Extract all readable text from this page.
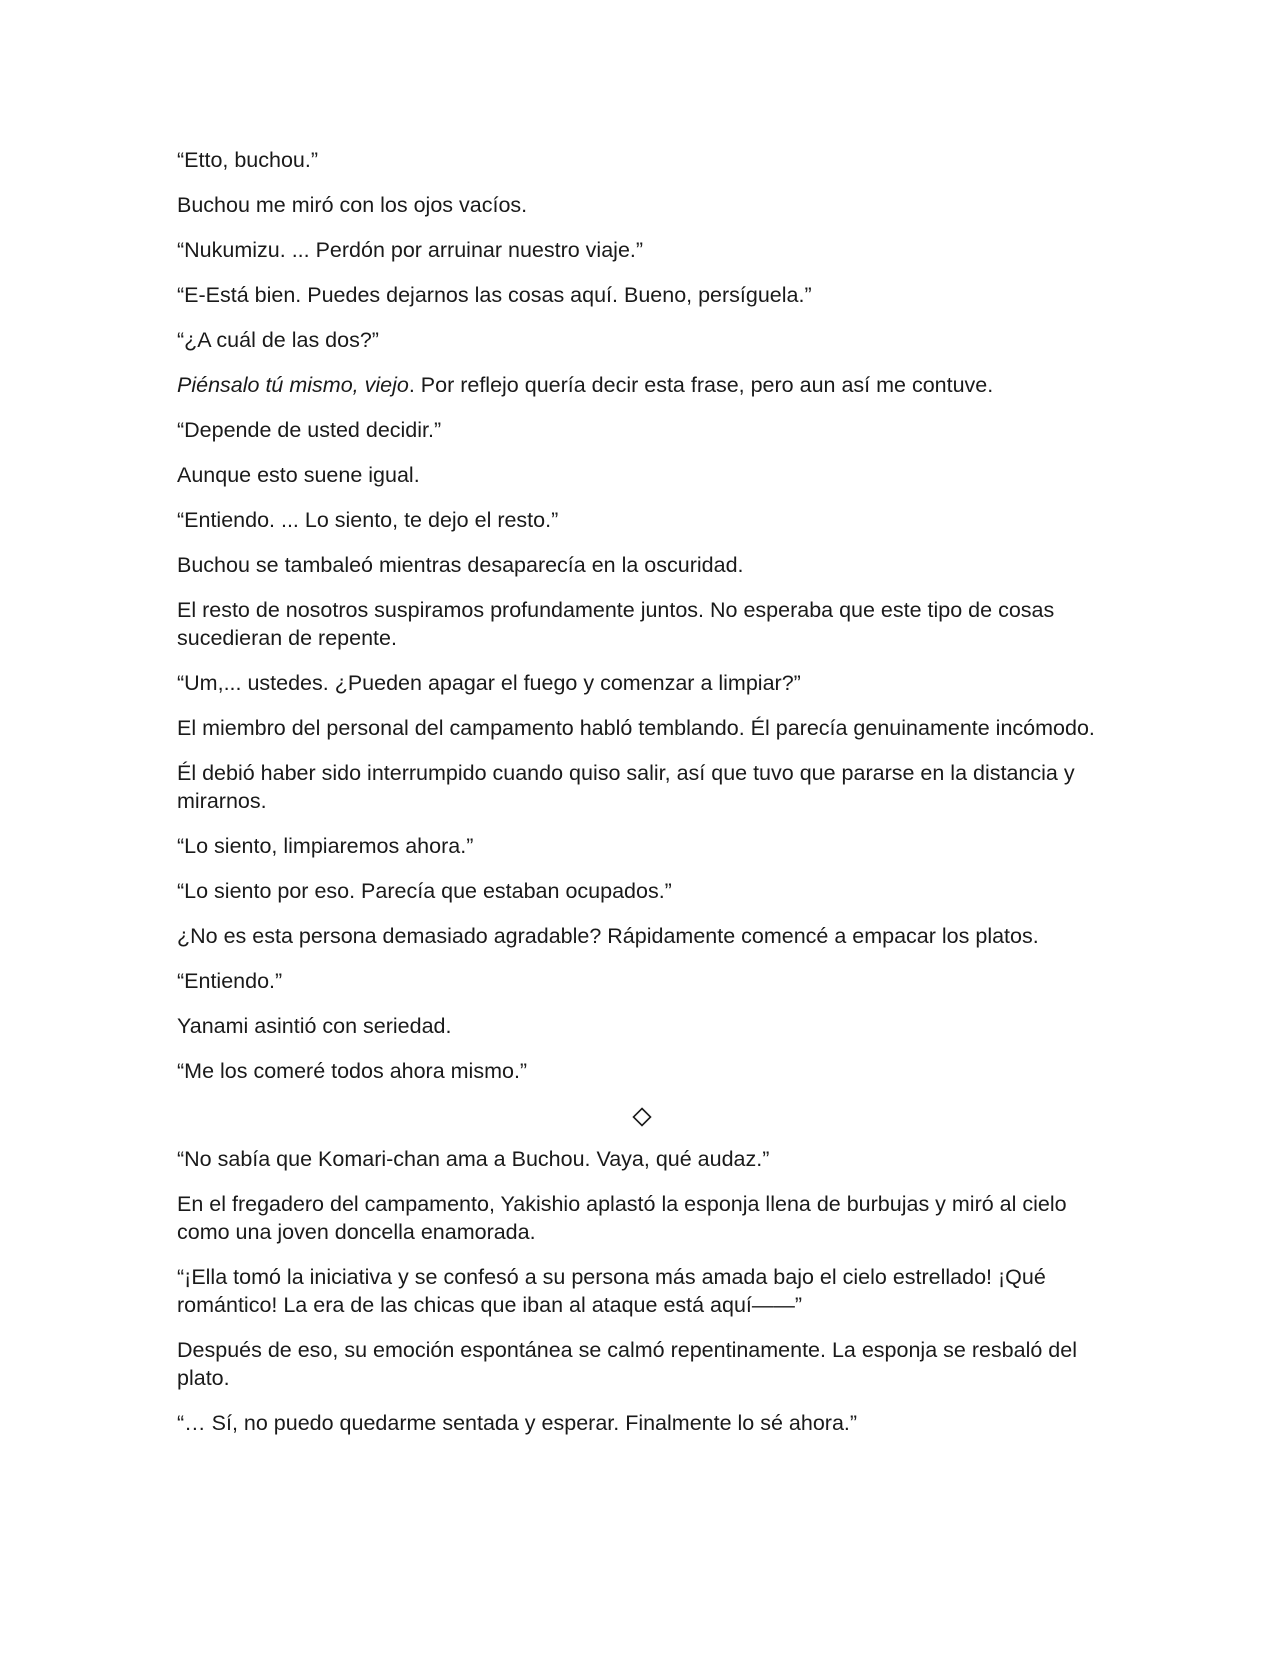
“Etto, buchou.”

Buchou me miró con los ojos vacíos.

“Nukumizu. ... Perdón por arruinar nuestro viaje.”

“E-Está bien. Puedes dejarnos las cosas aquí. Bueno, persíguela.”

“¿A cuál de las dos?”

Piénsalo tú mismo, viejo. Por reflejo quería decir esta frase, pero aun así me contuve.

“Depende de usted decidir.”

Aunque esto suene igual.

“Entiendo. ... Lo siento, te dejo el resto.”

Buchou se tambaleó mientras desaparecía en la oscuridad.

El resto de nosotros suspiramos profundamente juntos. No esperaba que este tipo de cosas sucedieran de repente.

“Um,... ustedes. ¿Pueden apagar el fuego y comenzar a limpiar?”

El miembro del personal del campamento habló temblando. Él parecía genuinamente incómodo.

Él debió haber sido interrumpido cuando quiso salir, así que tuvo que pararse en la distancia y mirarnos.

“Lo siento, limpiaremos ahora.”

“Lo siento por eso. Parecía que estaban ocupados.”

¿No es esta persona demasiado agradable? Rápidamente comencé a empacar los platos.

“Entiendo.”

Yanami asintió con seriedad.

“Me los comeré todos ahora mismo.”

“No sabía que Komari-chan ama a Buchou. Vaya, qué audaz.”

En el fregadero del campamento, Yakishio aplastó la esponja llena de burbujas y miró al cielo como una joven doncella enamorada.

“¡Ella tomó la iniciativa y se confesó a su persona más amada bajo el cielo estrellado! ¡Qué romántico! La era de las chicas que iban al ataque está aquí——”

Después de eso, su emoción espontánea se calmó repentinamente. La esponja se resbaló del plato.

“… Sí, no puedo quedarme sentada y esperar. Finalmente lo sé ahora.”
